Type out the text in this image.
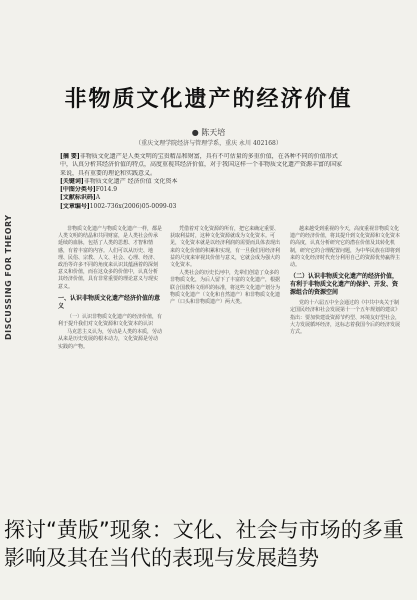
DISCUSSING FOR THEORY
非物质文化遗产的经济价值
● 陈天培
（重庆文理学院经济与管理学系，重庆 永川 402168）
[摘 要]非物质文化遗产是人类文明的宝贵精品和财富，具有不可估量的多重价值，在各种不同的价值形式
中，认真分析其经济价值的特点，高度重视其经济价值，对于我国这样一个非物质文化遗产资源丰富的国家
来说，具有重要的理论和实践意义。
[关键词]非物质文化遗产 经济价值 文化资本
[中图分类号]F014.9
[文献标识码]A
[文章编号]1002-736x(2006)05-0099-03

非物质文化遗产与物质文化遗产一样，都是人类文明的结晶和共同财富，是人类社会传承延续的血脉，包括了人类的思想、才智和情感，有着丰富的内容。人们可以从历史、地理、民俗、宗教、人文、社会、心理、经济、政治等许多不同的角度来认识其蕴涵着的深刻意义和价值，而在这众多的价值中，认真分析其经济价值，具有非常重要的理论意义与现实意义。

一、认识非物质文化遗产经济价值的意义

（一）认识非物质文化遗产的经济价值，有利于提升我们对文化资源和文化资本的认识

马克思主义认为，劳动是人类的本质，劳动从来是历史发展的根本动力，文化资源是劳动实践的产物。

凭借着对文化资源的所有，把它来确定重要、获取利益时，这种文化资源就成为文化资本。可见，文化资本就是以经济利润的需要而具体表现出来的文化价值的积累和实现，有一旦我们用经济利益的尺度来审视其价值与意义，它就会成为强大的文化资本。

人类社会的历史长河中，先辈们创造了众多的非物质文化，为后人留下了丰富的文化遗产，根据联合国教科文组织的标准，将这些文化遗产划分为物质文化遗产（文化和自然遗产）和非物质文化遗产（口头和非物质遗产）两大类。

越来越受到重视的今天，高度重视非物质文化遗产的经济价值，将其提升到文化资源和文化资本的高度，认真分析研究它的潜在价值及其转化机制，研究它的合理配置问题，为中华民族在即将到来的文化经济时代充分利用自己的资源优势赢得主动。

（二）认识非物质文化遗产的经济价值，有利于非物质文化遗产的保护、开发、资源组合的资源空间

党的十六届五中全会通过的《中共中央关于制定国民经济和社会发展第十一个五年规划的建议》指出：要加快建设资源节约型、环境友好型社会，大力发展循环经济，这标志着我国今后的经济发展方式。

探讨“黄版”现象：文化、社会与市场的多重影响及其在当代的表现与发展趋势
